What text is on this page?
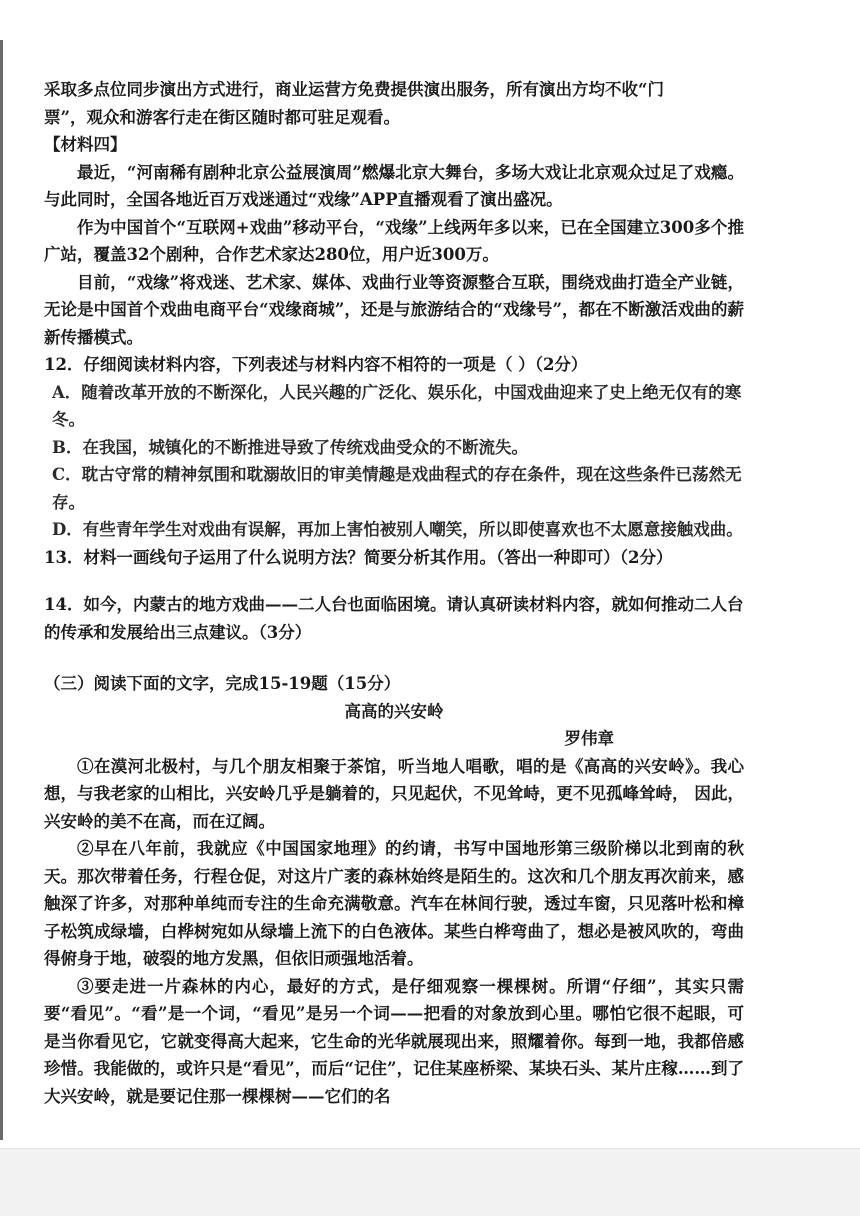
采取多点位同步演出方式进行，商业运营方免费提供演出服务，所有演出方均不收“门

票”，观众和游客行走在街区随时都可驻足观看。

【材料四】

最近，“河南稀有剧种北京公益展演周”燃爆北京大舞台，多场大戏让北京观众过足了戏瘾。与此同时，全国各地近百万戏迷通过“戏缘”APP直播观看了演出盛况。

作为中国首个“互联网+戏曲”移动平台，“戏缘”上线两年多以来，已在全国建立300多个推广站，覆盖32个剧种，合作艺术家达280位，用户近300万。

目前，“戏缘”将戏迷、艺术家、媒体、戏曲行业等资源整合互联，围绕戏曲打造全产业链，无论是中国首个戏曲电商平台“戏缘商城”，还是与旅游结合的“戏缘号”，都在不断激活戏曲的薪新传播模式。

12．仔细阅读材料内容，下列表述与材料内容不相符的一项是（ ）（2分）

A．随着改革开放的不断深化，人民兴趣的广泛化、娱乐化，中国戏曲迎来了史上绝无仅有的寒冬。

B．在我国，城镇化的不断推进导致了传统戏曲受众的不断流失。

C．耽古守常的精神氛围和耽溺故旧的审美情趣是戏曲程式的存在条件，现在这些条件已荡然无存。

D．有些青年学生对戏曲有误解，再加上害怕被别人嘲笑，所以即使喜欢也不太愿意接触戏曲。

13．材料一画线句子运用了什么说明方法？简要分析其作用。（答出一种即可）（2分）

14．如今，内蒙古的地方戏曲——二人台也面临困境。请认真研读材料内容，就如何推动二人台的传承和发展给出三点建议。（3分）

（三）阅读下面的文字，完成15-19题（15分）

高高的兴安岭

罗伟章

①在漠河北极村，与几个朋友相聚于茶馆，听当地人唱歌，唱的是《高高的兴安岭》。我心想，与我老家的山相比，兴安岭几乎是躺着的，只见起伏，不见耸峙，更不见孤峰耸峙， 因此，兴安岭的美不在高，而在辽阔。

②早在八年前，我就应《中国国家地理》的约请，书写中国地形第三级阶梯以北到南的秋天。那次带着任务，行程仓促，对这片广袤的森林始终是陌生的。这次和几个朋友再次前来，感触深了许多，对那种单纯而专注的生命充满敬意。汽车在林间行驶，透过车窗，只见落叶松和樟子松筑成绿墙，白桦树宛如从绿墙上流下的白色液体。某些白桦弯曲了，想必是被风吹的，弯曲得俯身于地，破裂的地方发黑，但依旧顽强地活着。

③要走进一片森林的内心，最好的方式，是仔细观察一棵棵树。所谓“仔细”，其实只需要“看见”。“看”是一个词，“看见”是另一个词——把看的对象放到心里。哪怕它很不起眼，可是当你看见它，它就变得高大起来，它生命的光华就展现出来，照耀着你。每到一地，我都倍感珍惜。我能做的，或许只是“看见”，而后“记住”，记住某座桥梁、某块石头、某片庄稼……到了大兴安岭，就是要记住那一棵棵树——它们的名
